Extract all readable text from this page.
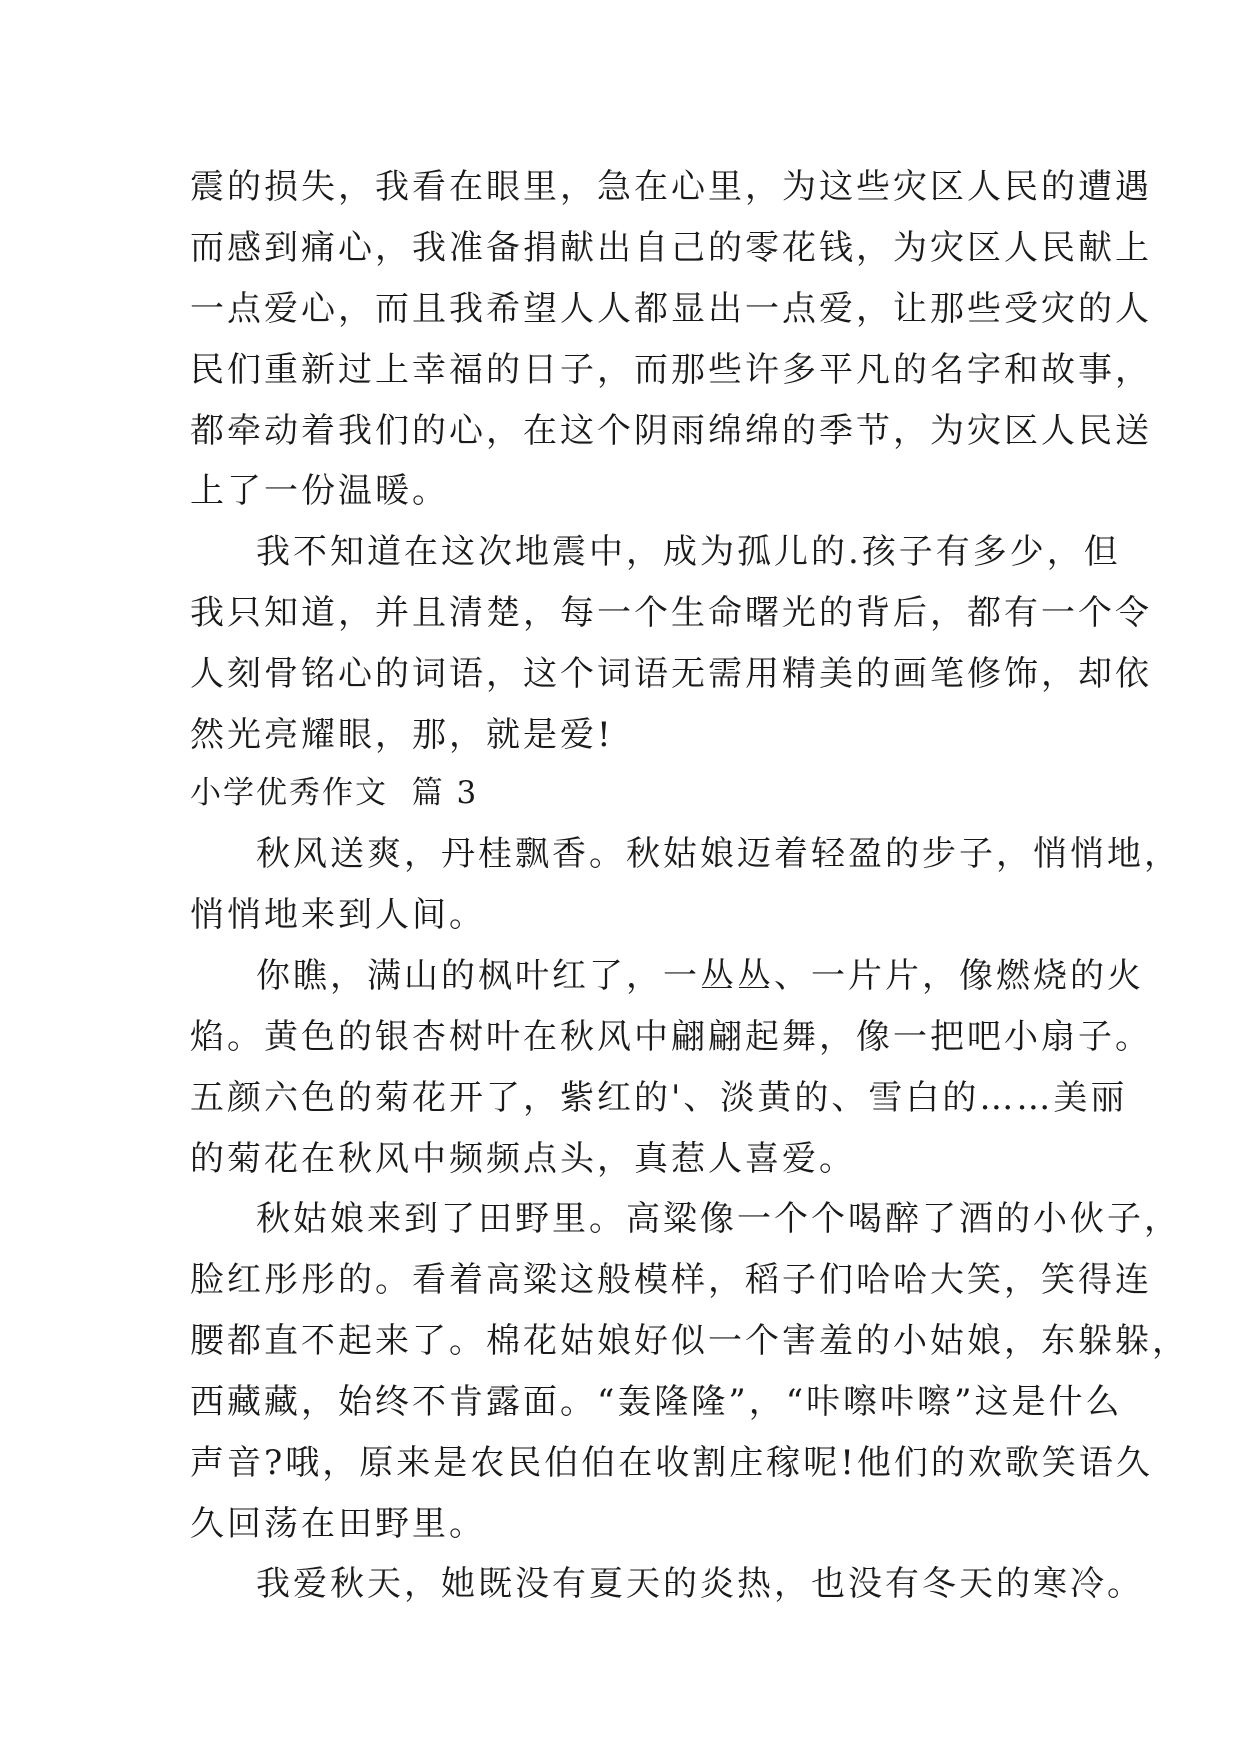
震的损失，我看在眼里，急在心里，为这些灾区人民的遭遇

而感到痛心，我准备捐献出自己的零花钱，为灾区人民献上

一点爱心，而且我希望人人都显出一点爱，让那些受灾的人

民们重新过上幸福的日子，而那些许多平凡的名字和故事，

都牵动着我们的心，在这个阴雨绵绵的季节，为灾区人民送

上了一份温暖。

我不知道在这次地震中，成为孤儿的.孩子有多少，但

我只知道，并且清楚，每一个生命曙光的背后，都有一个令

人刻骨铭心的词语，这个词语无需用精美的画笔修饰，却依

然光亮耀眼，那，就是爱!

小学优秀作文  篇 3

秋风送爽，丹桂飘香。秋姑娘迈着轻盈的步子，悄悄地，

悄悄地来到人间。

你瞧，满山的枫叶红了，一丛丛、一片片，像燃烧的火

焰。黄色的银杏树叶在秋风中翩翩起舞，像一把吧小扇子。

五颜六色的菊花开了，紫红的'、淡黄的、雪白的……美丽

的菊花在秋风中频频点头，真惹人喜爱。

秋姑娘来到了田野里。高粱像一个个喝醉了酒的小伙子，

脸红彤彤的。看着高粱这般模样，稻子们哈哈大笑，笑得连

腰都直不起来了。棉花姑娘好似一个害羞的小姑娘，东躲躲，

西藏藏，始终不肯露面。“轰隆隆”，“咔嚓咔嚓”这是什么

声音?哦，原来是农民伯伯在收割庄稼呢!他们的欢歌笑语久

久回荡在田野里。

我爱秋天，她既没有夏天的炎热，也没有冬天的寒冷。
